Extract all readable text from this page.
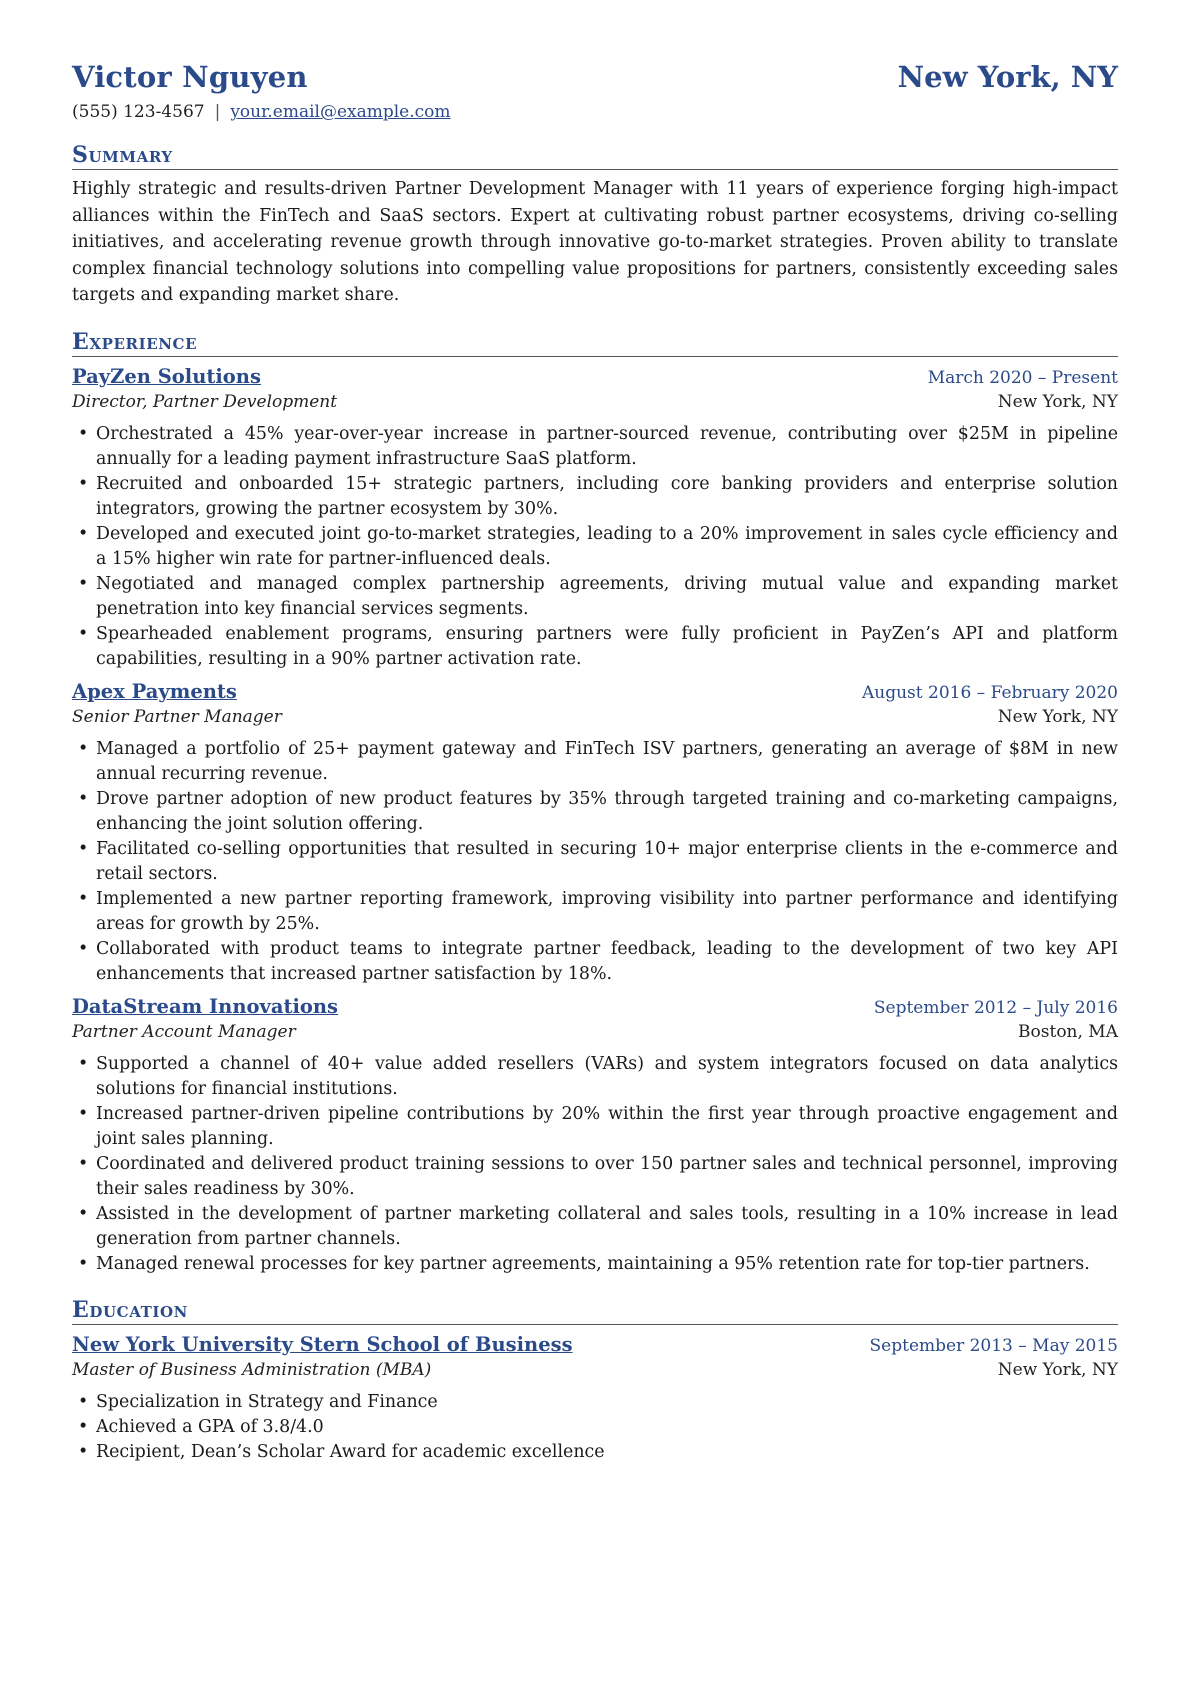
Victor Nguyen	New York, NY
(555) 123-4567 | your.email@example.com
Summary

Highly strategic and results-driven Partner Development Manager with 11 years of experience forging high-impact alliances within the FinTech and SaaS sectors. Expert at cultivating robust partner ecosystems, driving co-selling initiatives, and accelerating revenue growth through innovative go-to-market strategies. Proven ability to translate complex financial technology solutions into compelling value propositions for partners, consistently exceeding sales targets and expanding market share.

Experience
PayZen Solutions	March 2020 – Present
Director, Partner Development	New York, NY
• Orchestrated a 45% year-over-year increase in partner-sourced revenue, contributing over $25M in pipeline annually for a leading payment infrastructure SaaS platform.
• Recruited and onboarded 15+ strategic partners, including core banking providers and enterprise solution integrators, growing the partner ecosystem by 30%.
• Developed and executed joint go-to-market strategies, leading to a 20% improvement in sales cycle efficiency and a 15% higher win rate for partner-influenced deals.
• Negotiated and managed complex partnership agreements, driving mutual value and expanding market penetration into key financial services segments.
• Spearheaded enablement programs, ensuring partners were fully proficient in PayZen’s API and platform capabilities, resulting in a 90% partner activation rate.
Apex Payments	August 2016 – February 2020
Senior Partner Manager	New York, NY
• Managed a portfolio of 25+ payment gateway and FinTech ISV partners, generating an average of $8M in new annual recurring revenue.
• Drove partner adoption of new product features by 35% through targeted training and co-marketing campaigns, enhancing the joint solution offering.
• Facilitated co-selling opportunities that resulted in securing 10+ major enterprise clients in the e-commerce and retail sectors.
• Implemented a new partner reporting framework, improving visibility into partner performance and identifying areas for growth by 25%.
• Collaborated with product teams to integrate partner feedback, leading to the development of two key API enhancements that increased partner satisfaction by 18%.
DataStream Innovations	September 2012 – July 2016
Partner Account Manager	Boston, MA
• Supported a channel of 40+ value added resellers (VARs) and system integrators focused on data analytics solutions for financial institutions.
• Increased partner-driven pipeline contributions by 20% within the first year through proactive engagement and joint sales planning.
• Coordinated and delivered product training sessions to over 150 partner sales and technical personnel, improving their sales readiness by 30%.
• Assisted in the development of partner marketing collateral and sales tools, resulting in a 10% increase in lead generation from partner channels.
• Managed renewal processes for key partner agreements, maintaining a 95% retention rate for top-tier partners.
Education
New York University Stern School of Business	September 2013 – May 2015
Master of Business Administration (MBA)	New York, NY
• Specialization in Strategy and Finance
• Achieved a GPA of 3.8/4.0
• Recipient, Dean’s Scholar Award for academic excellence
